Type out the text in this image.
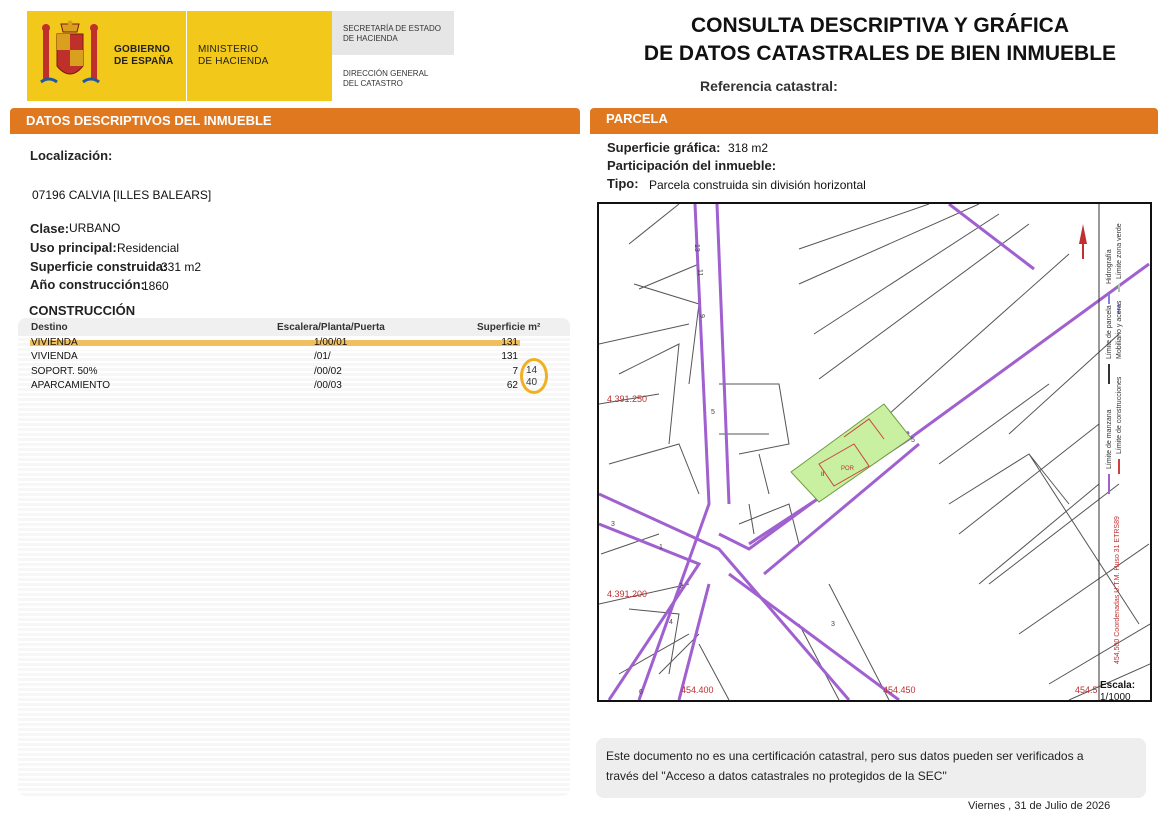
GOBIERNO
DE ESPAÑA
MINISTERIO
DE HACIENDA
SECRETARÍA DE ESTADO
DE HACIENDA
DIRECCIÓN GENERAL
DEL CATASTRO
CONSULTA DESCRIPTIVA Y GRÁFICA
DE DATOS CATASTRALES DE BIEN INMUEBLE
Referencia catastral:
DATOS DESCRIPTIVOS DEL INMUEBLE
Localización:
07196 CALVIA [ILLES BALEARS]
Clase: URBANO
Uso principal: Residencial
Superficie construida:
331 m2
Año construcción:
1860
CONSTRUCCIÓN
Destino	Escalera/Planta/Puerta	Superficie m²
VIVIENDA	1/00/01	131
VIVIENDA	/01/	131
SOPORT. 50%	/00/02	7
APARCAMIENTO	/00/03	62
14
40
PARCELA
Superficie gráfica: 318 m2
Participación del inmueble:
Tipo: Parcela construida sin división horizontal
Límite de manzana Límite de construcciones
Límite de parcela Mobiliario y aceras
Hidrografía Límite zona verde
454,500 Coordenadas U.T.M. Huso 31 ETRS89
4.391.250
4.391.200
454.400	454.450	454.5
POR
II
13
11
9
5
3
1
2
4
6
3
5
Escala:
1/1000
Este documento no es una certificación catastral, pero sus datos pueden ser verificados a
través del "Acceso a datos catastrales no protegidos de la SEC"
Viernes , 31 de Julio de 2026
